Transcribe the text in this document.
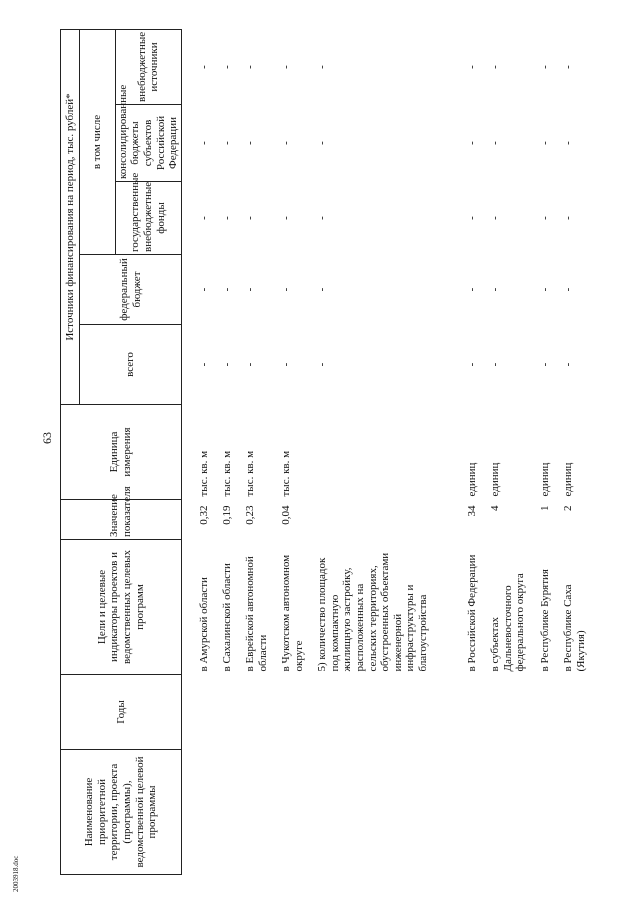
63
2003918.doc
Наименование приоритетной территории, проекта (программы), ведомственной целевой программы	Годы	Цели и целевые индикаторы проектов и ведомственных целевых программ	Значение показателя	Единица измерения	Источники финансирования на период, тыс. рублей*				
					всего	федеральный бюджет	в том числе		
							государственные внебюджетные фонды	консолидированные бюджеты субъектов Российской Федерации	внебюджетные источники

		в Амурской области	0,32	тыс. кв. м	-	-	-	-	-
		в Сахалинской области	0,19	тыс. кв. м	-	-	-	-	-
		в Еврейской автономной области	0,23	тыс. кв. м	-	-	-	-	-
		в Чукотском автономном округе	0,04	тыс. кв. м	-	-	-	-	-
		5) количество площадок под компактную жилищную застройку, расположенных на сельских территориях, обустроенных объектами инженерной инфраструктуры и благоустройства			-	-	-	-	-
		в Российской Федерации	34	единиц	-	-	-	-	-
		в субъектах Дальневосточного федерального округа	4	единиц	-	-	-	-	-
		в Республике Бурятия	1	единиц	-	-	-	-	-
		в Республике Саха (Якутия)	2	единиц	-	-	-	-	-
